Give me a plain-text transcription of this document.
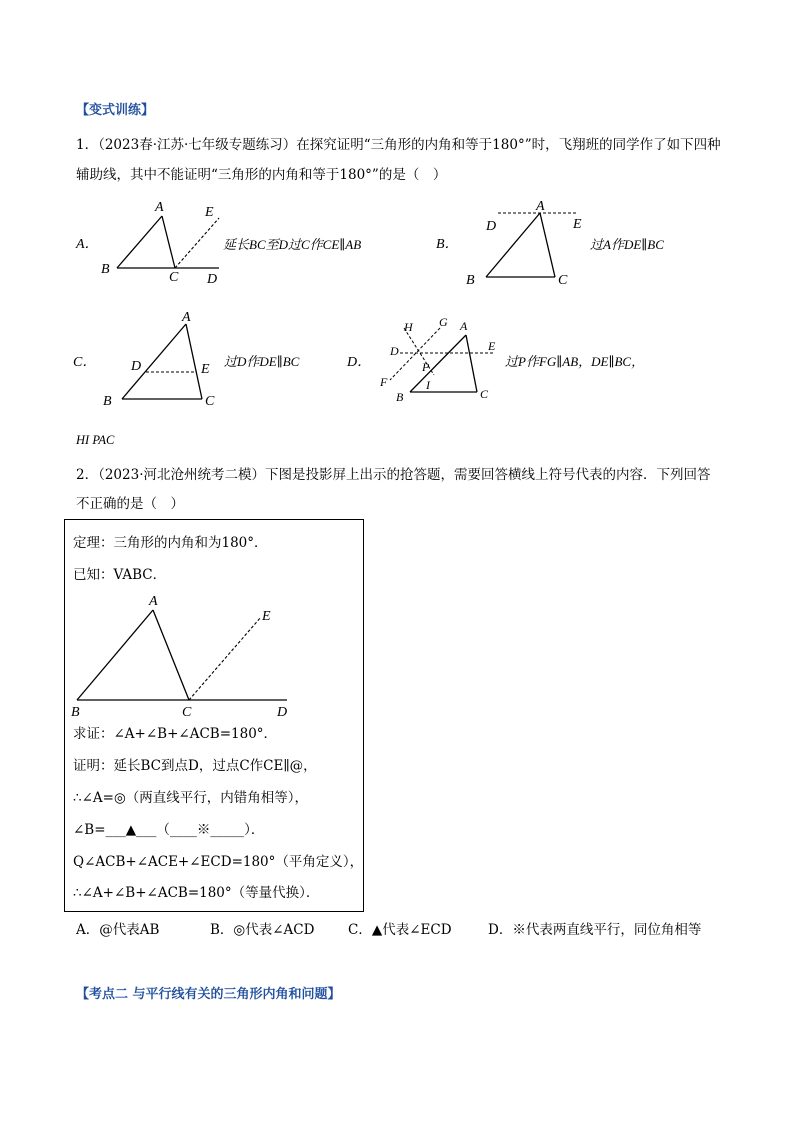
【变式训练】
1．（2023春·江苏·七年级专题练习）在探究证明“三角形的内角和等于180°”时，飞翔班的同学作了如下四种
辅助线，其中不能证明“三角形的内角和等于180°”的是（　）
A．
A
B
C D
E
延长BC至D过C作CE∥AB	B．
A
B	C
D	E
过A作DE∥BC
C．
A
B	C
D	E
过D作DE∥BC	D．
H G A
D	E
P
F	I
B	C
过P作FG∥AB，DE∥BC，
HI PAC
2．（2023·河北沧州统考二模）下图是投影屏上出示的抢答题，需要回答横线上符号代表的内容．下列回答
不正确的是（　）
定理：三角形的内角和为180°．
已知：VABC．
A
E
B	C	D
求证：∠A+∠B+∠ACB=180°．
证明：延长BC到点D，过点C作CE∥@，
∴∠A=◎（两直线平行，内错角相等），
∠B=___▲___（____※_____）．
Q∠ACB+∠ACE+∠ECD=180°（平角定义），
∴∠A+∠B+∠ACB=180°（等量代换）．
A．@代表AB	B．◎代表∠ACD C．▲代表∠ECD	D．※代表两直线平行，同位角相等
【考点二 与平行线有关的三角形内角和问题】
